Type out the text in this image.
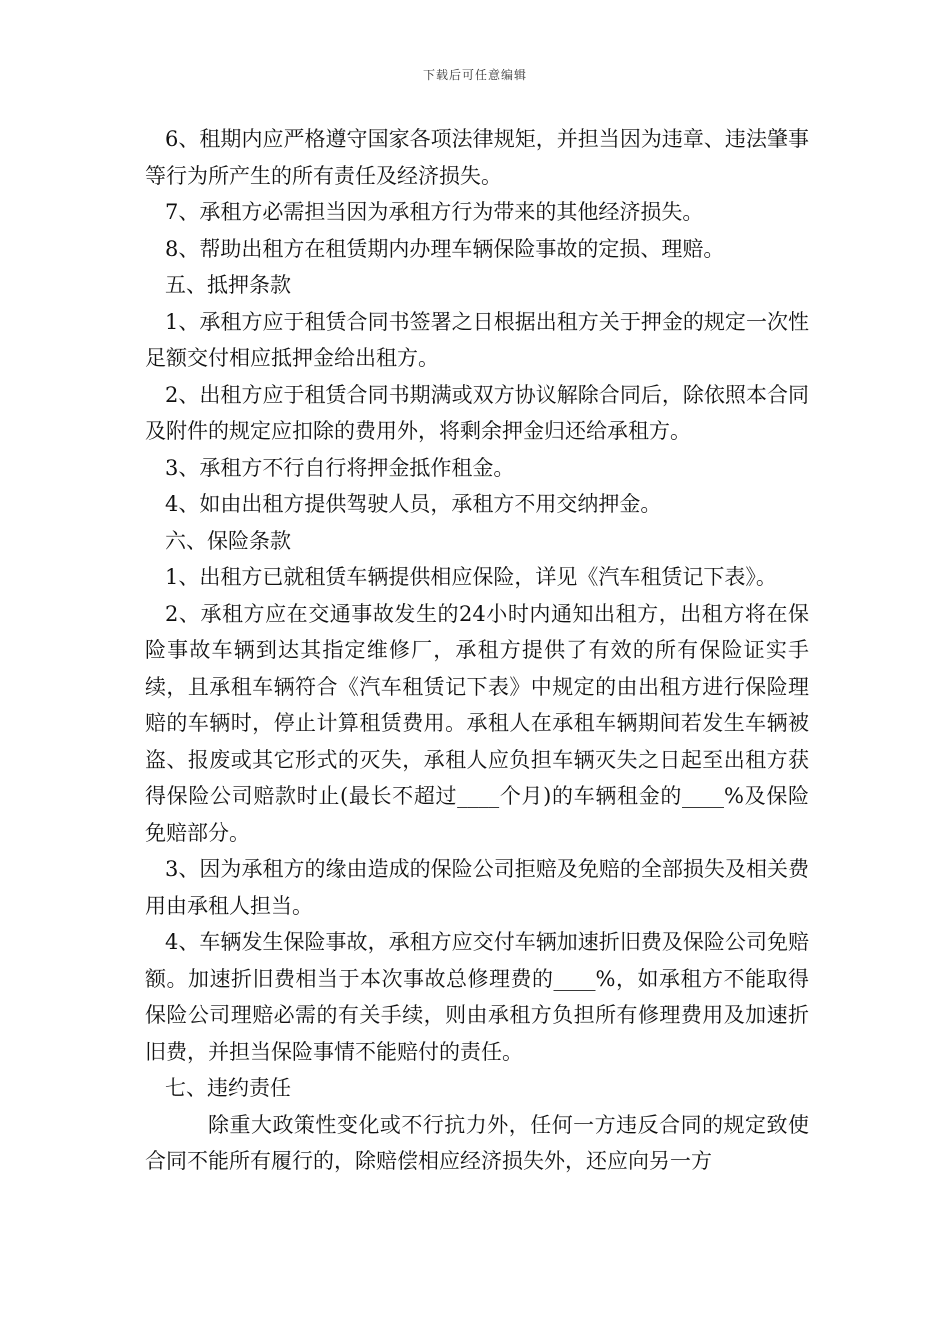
下载后可任意编辑

6、租期内应严格遵守国家各项法律规矩，并担当因为违章、违法肇事等行为所产生的所有责任及经济损失。

7、承租方必需担当因为承租方行为带来的其他经济损失。

8、帮助出租方在租赁期内办理车辆保险事故的定损、理赔。

五、抵押条款

1、承租方应于租赁合同书签署之日根据出租方关于押金的规定一次性足额交付相应抵押金给出租方。

2、出租方应于租赁合同书期满或双方协议解除合同后，除依照本合同及附件的规定应扣除的费用外，将剩余押金归还给承租方。

3、承租方不行自行将押金抵作租金。

4、如由出租方提供驾驶人员，承租方不用交纳押金。

六、保险条款

1、出租方已就租赁车辆提供相应保险，详见《汽车租赁记下表》。

2、承租方应在交通事故发生的24小时内通知出租方，出租方将在保险事故车辆到达其指定维修厂，承租方提供了有效的所有保险证实手续，且承租车辆符合《汽车租赁记下表》中规定的由出租方进行保险理赔的车辆时，停止计算租赁费用。承租人在承租车辆期间若发生车辆被盗、报废或其它形式的灭失，承租人应负担车辆灭失之日起至出租方获得保险公司赔款时止(最长不超过____个月)的车辆租金的____%及保险免赔部分。

3、因为承租方的缘由造成的保险公司拒赔及免赔的全部损失及相关费用由承租人担当。

4、车辆发生保险事故，承租方应交付车辆加速折旧费及保险公司免赔额。加速折旧费相当于本次事故总修理费的____%，如承租方不能取得保险公司理赔必需的有关手续，则由承租方负担所有修理费用及加速折旧费，并担当保险事情不能赔付的责任。

七、违约责任

除重大政策性变化或不行抗力外，任何一方违反合同的规定致使合同不能所有履行的，除赔偿相应经济损失外，还应向另一方
